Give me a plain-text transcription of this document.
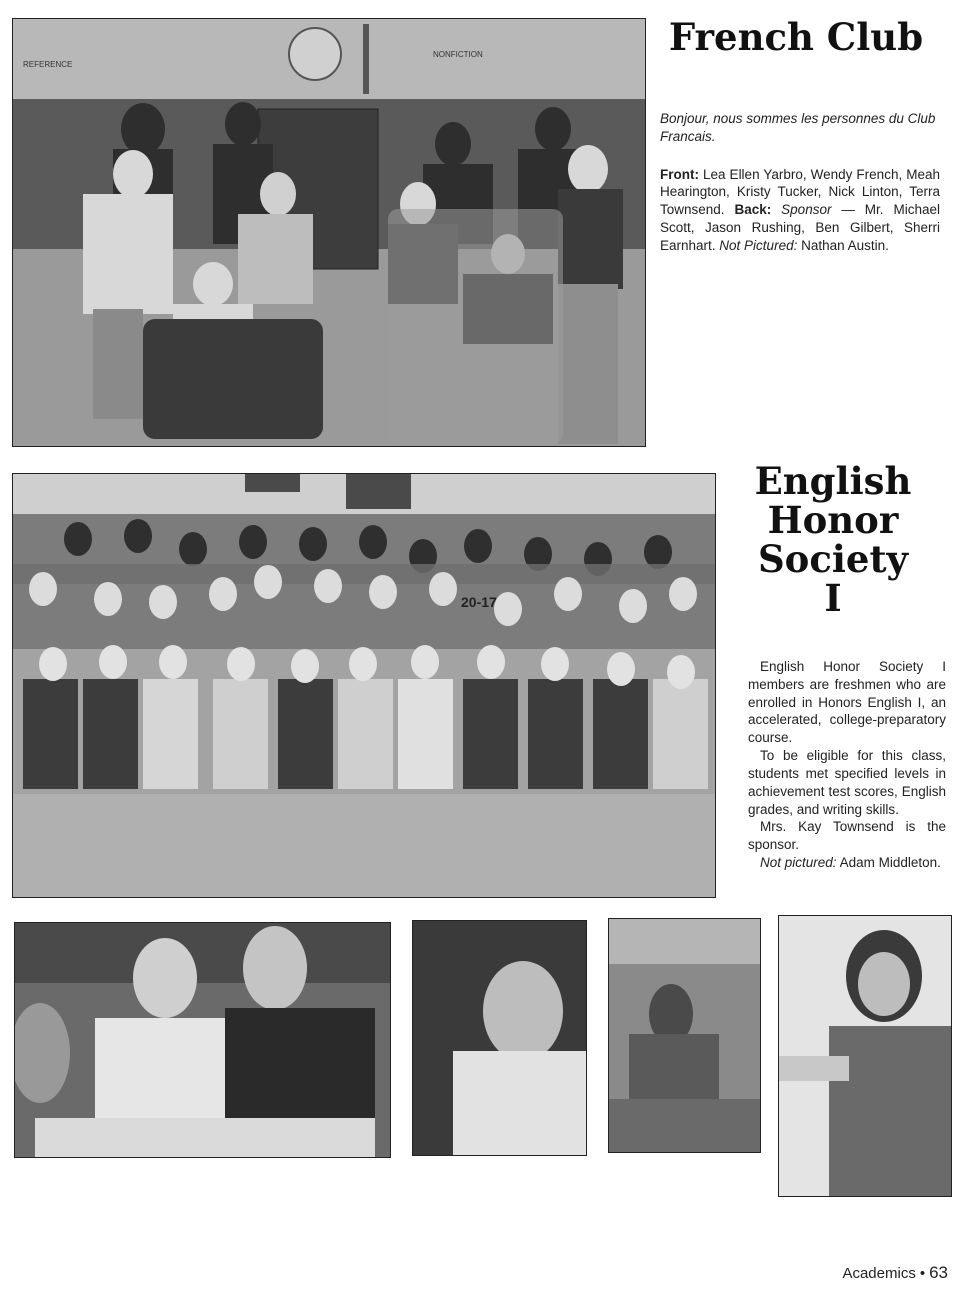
REFERENCE
NONFICTION	French Club

Bonjour, nous sommes les personnes du Club Francais.

Front: Lea Ellen Yarbro, Wendy French, Meah Hearington, Kristy Tucker, Nick Linton, Terra Townsend. Back: Sponsor — Mr. Michael Scott, Jason Rushing, Ben Gilbert, Sherri Earnhart. Not Pictured: Nathan Austin.

20-17
English
Honor
Society
I

English Honor Society I members are freshmen who are enrolled in Honors English I, an accelerated, college-preparatory course.

To be eligible for this class, students met specified levels in achievement test scores, English grades, and writing skills.

Mrs. Kay Townsend is the sponsor.

Not pictured: Adam Middleton.

Academics • 63
